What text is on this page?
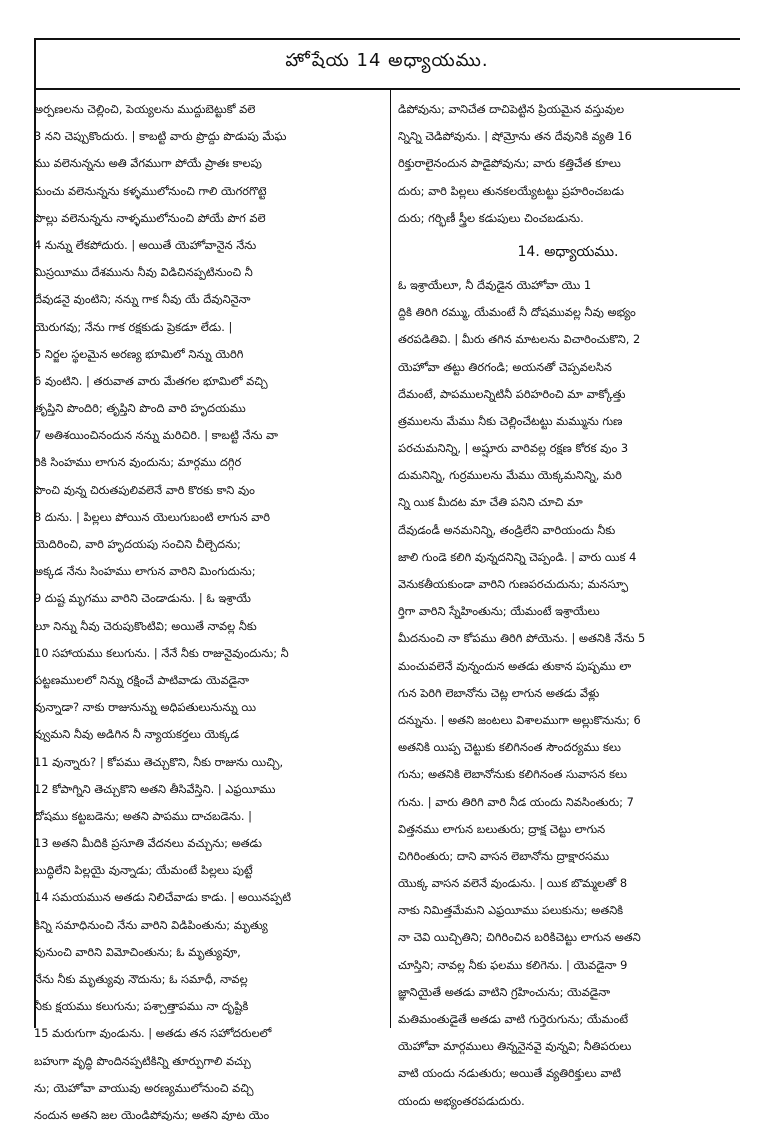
హోషేయ 14 అధ్యాయము.
అర్పణలను చెల్లించి, పెయ్యలను ముద్దుబెట్టుకో వలె
3 నని చెప్పుకొందురు. | కాబట్టి వారు ప్రొద్దు పొడుపు మేఘ
ము వలెనున్నను అతి వేగముగా పోయే ప్రాతః కాలపు
మంచు వలెనున్నను కళ్ళములోనుంచి గాలి యెగరగొట్టె
పొల్లు వలెనున్నను నాళ్ళములోనుంచి పోయే పొగ వలె
4 నున్ను లేకపోదురు. | అయితే యెహోవానైన నేను
మిస్రయీము దేశమును నీవు విడిచినప్పటినుంచి నీ
దేవుడనై వుంటిని; నన్ను గాక నీవు యే దేవునినైనా
యెరుగవు; నేను గాక రక్షకుడు ప్రెకడూ లేడు. |
5 నిర్జల స్థలమైన అరణ్య భూమిలో నిన్ను యెరిగి
6 వుంటిని. | తరువాత వారు మేతగల భూమిలో వచ్చి
తృప్తిని పొందిరి; తృప్తిని పొంది వారి హృదయము
7 అతిశయించినందున నన్ను మరిచిరి. | కాబట్టి నేను వా
రికి సింహము లాగున వుందును; మార్గము దగ్గిర
పొంచి వున్న చిరుతపులివలెనే వారి కొరకు కాని వుం
8 దును. | పిల్లలు పోయిన యెలుగుబంటి లాగున వారి
యెదిరించి, వారి హృదయపు సంచిని చీల్చెదను;
అక్కడ నేను సింహము లాగున వారిని మింగుదును;
9 దుష్ట మృగము వారిని చెండాడును. | ఓ ఇశ్రాయే
లూ నిన్ను నీవు చెరుపుకొంటివి; అయితే నావల్ల నీకు
10 సహాయము కలుగును. | నేనే నీకు రాజునైవుందును; నీ
పట్టణములలో నిన్ను రక్షించే పాటివాడు యెవడైనా
వున్నాడా? నాకు రాజునున్ను అధిపతులునున్ను యి
వ్వుమని నీవు అడిగిన నీ న్యాయకర్తలు యెక్కడ
11 వున్నారు? | కోపము తెచ్చుకొని, నీకు రాజును యిచ్చి,
12 కోపాగ్నిని తెచ్చుకొని అతని తీసివేస్తిని. | ఎఫ్రయీము
దోషము కట్టబడెను; అతని పాపము దాచబడెను. |
13 అతని మీదికి ప్రసూతి వేదనలు వచ్చును; అతడు
బుద్ధిలేని పిల్లయై వున్నాడు; యేమంటే పిల్లలు పుట్టే
14 సమయమున అతడు నిలిచేవాడు కాడు. | అయినప్పటి
కిన్ని సమాధినుంచి నేను వారిని విడిపింతును; మృత్యు
వునుంచి వారిని విమోచింతును; ఓ మృత్యువూ,
నేను నీకు మృత్యువు నౌదును; ఓ సమాధీ, నావల్ల
నీకు క్షయము కలుగును; పశ్చాత్తాపము నా దృష్టికి
15 మరుగుగా వుండును. | అతడు తన సహోదరులలో
బహుగా వృద్ధి పొందినప్పటికిన్ని తూర్పుగాలి వచ్చు
ను; యెహోవా వాయువు అరణ్యములోనుంచి వచ్చి
నందున అతని జల యెండిపోవును; అతని వూట యెం
డిపోవును; వానిచేత దాచిపెట్టిన ప్రియమైన వస్తువుల
న్నిన్ని చెడిపోవును. | షోమ్రోను తన దేవునికి వ్యతి 16
రిక్తురాలైనందున పాడైపోవును; వారు కత్తిచేత కూలు
దురు; వారి పిల్లలు తునకలయ్యేటట్టు ప్రహరించబడు
దురు; గర్భిణీ స్త్రీల కడుపులు చించబడును.
14. అధ్యాయము.
ఓ ఇశ్రాయేలూ, నీ దేవుడైన యెహోవా యొ 1
ద్దికి తిరిగి రమ్ము, యేమంటే నీ దోషమువల్ల నీవు అభ్యం
తరపడితివి. | మీరు తగిన మాటలను విచారించుకొని, 2
యెహోవా తట్టు తిరగండి; అయనతో చెప్పవలసిన
దేమంటే, పాపములన్నిటినీ పరిహరించి మా వాక్కోత్తు
త్రములను మేము నీకు చెల్లించేటట్టు మమ్మును గుణ
పరచుమనిన్ని, | అష్షూరు వారివల్ల రక్షణ కోరక వుం 3
దుమనిన్ని, గుర్రములను మేము యెక్కమనిన్ని, మరి
న్ని యిక మీదట మా చేతి పనిని చూచి మా
దేవుడండీ అనమనిన్ని, తండ్రిలేని వారియందు నీకు
జాలి గుండె కలిగి వున్నదనిన్ని చెప్పండి. | వారు యిక 4
వెనుకతీయకుండా వారిని గుణపరచుదును; మనస్ఫూ
ర్తిగా వారిని స్నేహింతును; యేమంటే ఇశ్రాయేలు
మీదనుంచి నా కోపము తిరిగి పోయెను. | అతనికి నేను 5
మంచువలెనే వున్నందున అతడు తుకాన పుష్పము లా
గున పెరిగి లెబానోను చెట్ల లాగున అతడు వేళ్లు
దన్నును. | అతని జంటలు విశాలముగా అల్లుకొనును; 6
అతనికి యిప్ప చెట్టుకు కలిగినంత సౌందర్యము కలు
గును; అతనికి లెబానోనుకు కలిగినంత సువాసన కలు
గును. | వారు తిరిగి వారి నీడ యందు నివసింతురు; 7
విత్తనము లాగున బలుతురు; ద్రాక్ష చెట్టు లాగున
చిగిరింతురు; దాని వాసన లెబానోను ద్రాక్షారసము
యొక్క వాసన వలెనే వుండును. | యిక బొమ్మలతో 8
నాకు నిమిత్తమేమని ఎఫ్రయీము పలుకును; అతనికి
నా చెవి యిచ్చితిని; చిగిరించిన బరికిచెట్టు లాగున అతని
చూస్తిని; నావల్ల నీకు ఫలము కలిగెను. | యెవడైనా 9
జ్ఞానియైతే అతడు వాటిని గ్రహించును; యెవడైనా
మతిమంతుడైతే అతడు వాటి గుర్తెరుగును; యేమంటే
యెహోవా మార్గములు తిన్ననైనవై వున్నవి; నీతిపరులు
వాటి యందు నడుతురు; అయితే వ్యతిరిక్తులు వాటి
యందు అభ్యంతరపడుదురు.
